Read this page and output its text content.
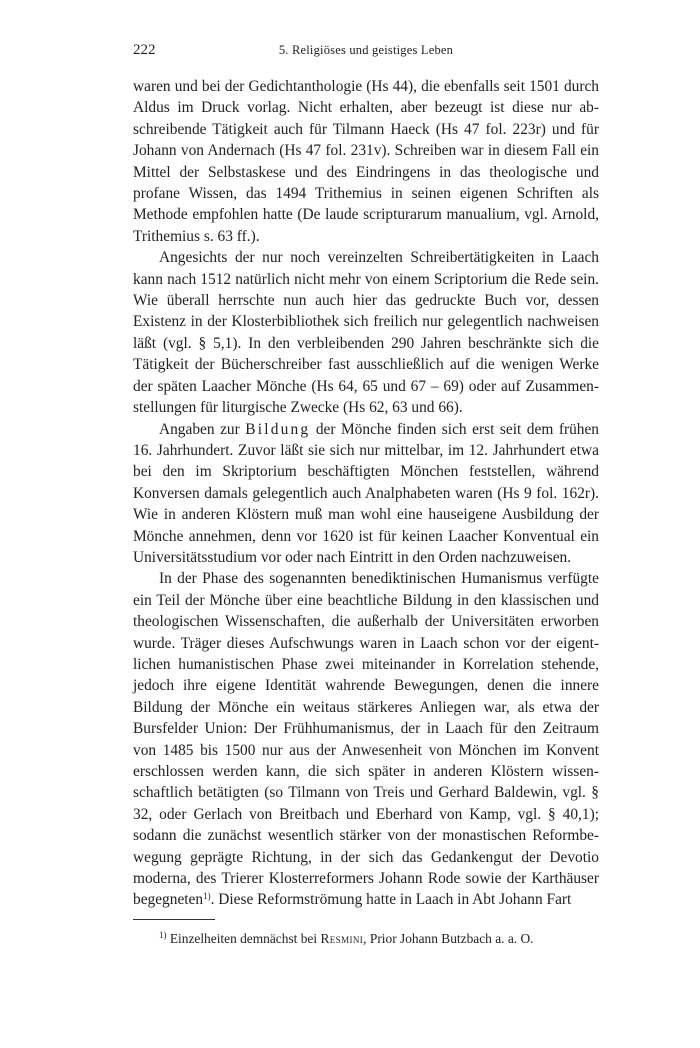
222	5. Religiöses und geistiges Leben

waren und bei der Gedichtanthologie (Hs 44), die ebenfalls seit 1501 durch Aldus im Druck vorlag. Nicht erhalten, aber bezeugt ist diese nur abschreibende Tätigkeit auch für Tilmann Haeck (Hs 47 fol. 223r) und für Johann von Andernach (Hs 47 fol. 231v). Schreiben war in diesem Fall ein Mittel der Selbstaskese und des Eindringens in das theologische und profane Wissen, das 1494 Trithemius in seinen eigenen Schriften als Methode empfohlen hatte (De laude scripturarum manualium, vgl. Arnold, Trithemius s. 63 ff.).

Angesichts der nur noch vereinzelten Schreibertätigkeiten in Laach kann nach 1512 natürlich nicht mehr von einem Scriptorium die Rede sein. Wie überall herrschte nun auch hier das gedruckte Buch vor, dessen Existenz in der Klosterbibliothek sich freilich nur gelegentlich nachweisen läßt (vgl. § 5,1). In den verbleibenden 290 Jahren beschränkte sich die Tätigkeit der Bücherschreiber fast ausschließlich auf die wenigen Werke der späten Laacher Mönche (Hs 64, 65 und 67 – 69) oder auf Zusammenstellungen für liturgische Zwecke (Hs 62, 63 und 66).

Angaben zur Bildung der Mönche finden sich erst seit dem frühen 16. Jahrhundert. Zuvor läßt sie sich nur mittelbar, im 12. Jahrhundert etwa bei den im Skriptorium beschäftigten Mönchen feststellen, während Konversen damals gelegentlich auch Analphabeten waren (Hs 9 fol. 162r). Wie in anderen Klöstern muß man wohl eine hauseigene Ausbildung der Mönche annehmen, denn vor 1620 ist für keinen Laacher Konventual ein Universitätsstudium vor oder nach Eintritt in den Orden nachzuweisen.

In der Phase des sogenannten benediktinischen Humanismus verfügte ein Teil der Mönche über eine beachtliche Bildung in den klassischen und theologischen Wissenschaften, die außerhalb der Universitäten erworben wurde. Träger dieses Aufschwungs waren in Laach schon vor der eigentlichen humanistischen Phase zwei miteinander in Korrelation stehende, jedoch ihre eigene Identität wahrende Bewegungen, denen die innere Bildung der Mönche ein weitaus stärkeres Anliegen war, als etwa der Bursfelder Union: Der Frühhumanismus, der in Laach für den Zeitraum von 1485 bis 1500 nur aus der Anwesenheit von Mönchen im Konvent erschlossen werden kann, die sich später in anderen Klöstern wissenschaftlich betätigten (so Tilmann von Treis und Gerhard Baldewin, vgl. § 32, oder Gerlach von Breitbach und Eberhard von Kamp, vgl. § 40,1); sodann die zunächst wesentlich stärker von der monastischen Reformbewegung geprägte Richtung, in der sich das Gedankengut der Devotio moderna, des Trierer Klosterreformers Johann Rode sowie der Karthäuser begegneten$^{1)}$. Diese Reformströmung hatte in Laach in Abt Johann Fart

$^{1)}$ Einzelheiten demnächst bei Resmini, Prior Johann Butzbach a. a. O.
